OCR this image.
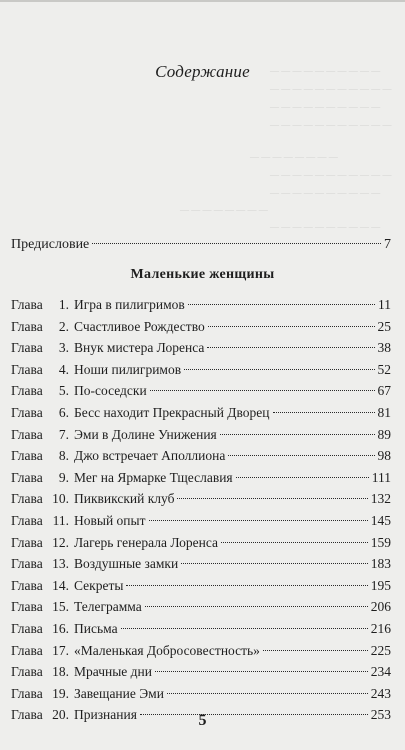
— — — — — — — — — —
— — — — — — — — — — —
— — — — — — — — — —
— — — — — — — — — — —
— — — — — — — —
— — — — — — — — — — —
— — — — — — — — — —
— — — — — — — —
— — — — — — — — — —
Содержание
Предисловие	7
Маленькие женщины
Глава	1. Игра в пилигримов	11
Глава	2. Счастливое Рождество	25
Глава	3. Внук мистера Лоренса	38
Глава	4. Ноши пилигримов	52
Глава	5. По-соседски	67
Глава	6. Бесс находит Прекрасный Дворец	81
Глава	7. Эми в Долине Унижения	89
Глава	8. Джо встречает Аполлиона	98
Глава	9. Мег на Ярмарке Тщеславия	111
Глава 10. Пиквикский клуб	132
Глава 11. Новый опыт	145
Глава 12. Лагерь генерала Лоренса	159
Глава 13. Воздушные замки	183
Глава 14. Секреты	195
Глава 15. Телеграмма	206
Глава 16. Письма	216
Глава 17. «Маленькая Добросовестность»	225
Глава 18. Мрачные дни	234
Глава 19. Завещание Эми	243
Глава 20. Признания	253
5
